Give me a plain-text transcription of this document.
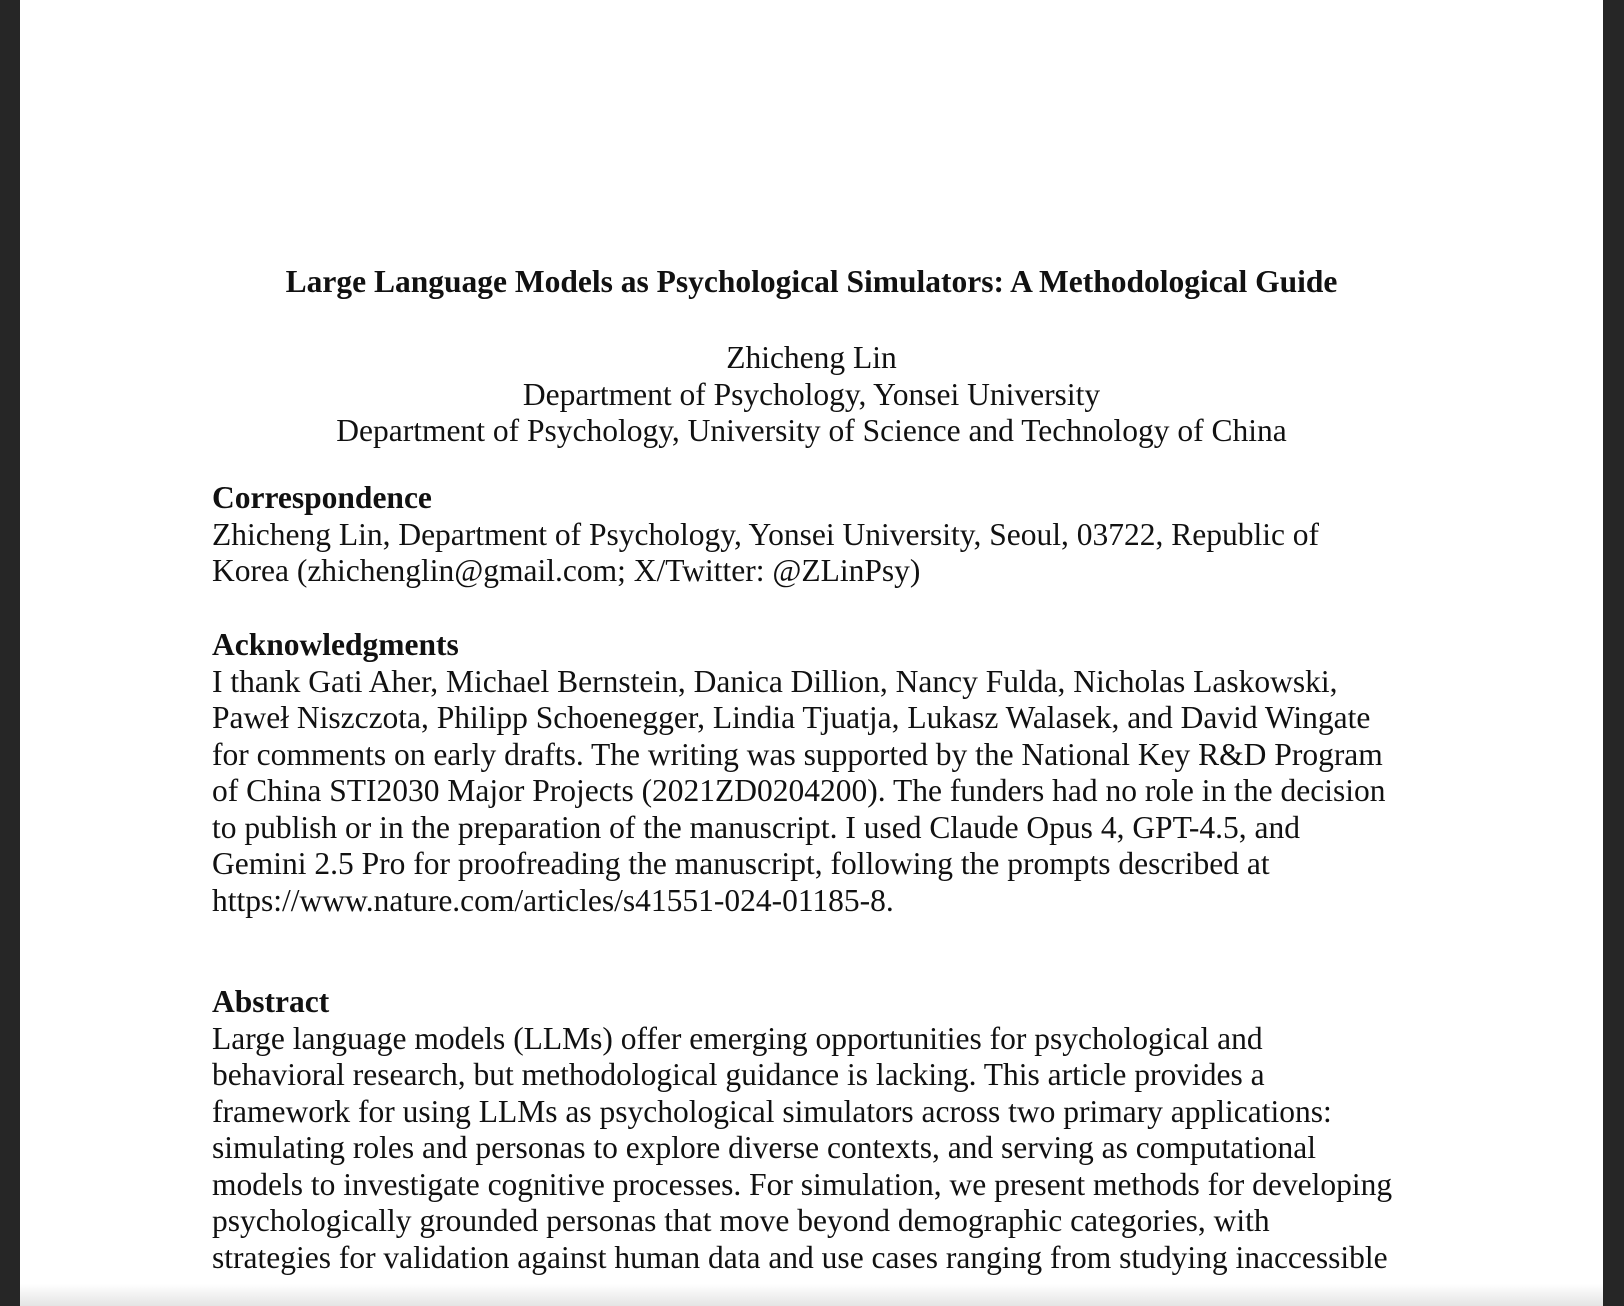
Large Language Models as Psychological Simulators: A Methodological Guide
Zhicheng Lin
Department of Psychology, Yonsei University
Department of Psychology, University of Science and Technology of China
Correspondence
Zhicheng Lin, Department of Psychology, Yonsei University, Seoul, 03722, Republic of
Korea (zhichenglin@gmail.com; X/Twitter: @ZLinPsy)
Acknowledgments
I thank Gati Aher, Michael Bernstein, Danica Dillion, Nancy Fulda, Nicholas Laskowski,
Paweł Niszczota, Philipp Schoenegger, Lindia Tjuatja, Lukasz Walasek, and David Wingate
for comments on early drafts. The writing was supported by the National Key R&D Program
of China STI2030 Major Projects (2021ZD0204200). The funders had no role in the decision
to publish or in the preparation of the manuscript. I used Claude Opus 4, GPT-4.5, and
Gemini 2.5 Pro for proofreading the manuscript, following the prompts described at
https://www.nature.com/articles/s41551-024-01185-8.
Abstract
Large language models (LLMs) offer emerging opportunities for psychological and
behavioral research, but methodological guidance is lacking. This article provides a
framework for using LLMs as psychological simulators across two primary applications:
simulating roles and personas to explore diverse contexts, and serving as computational
models to investigate cognitive processes. For simulation, we present methods for developing
psychologically grounded personas that move beyond demographic categories, with
strategies for validation against human data and use cases ranging from studying inaccessible
